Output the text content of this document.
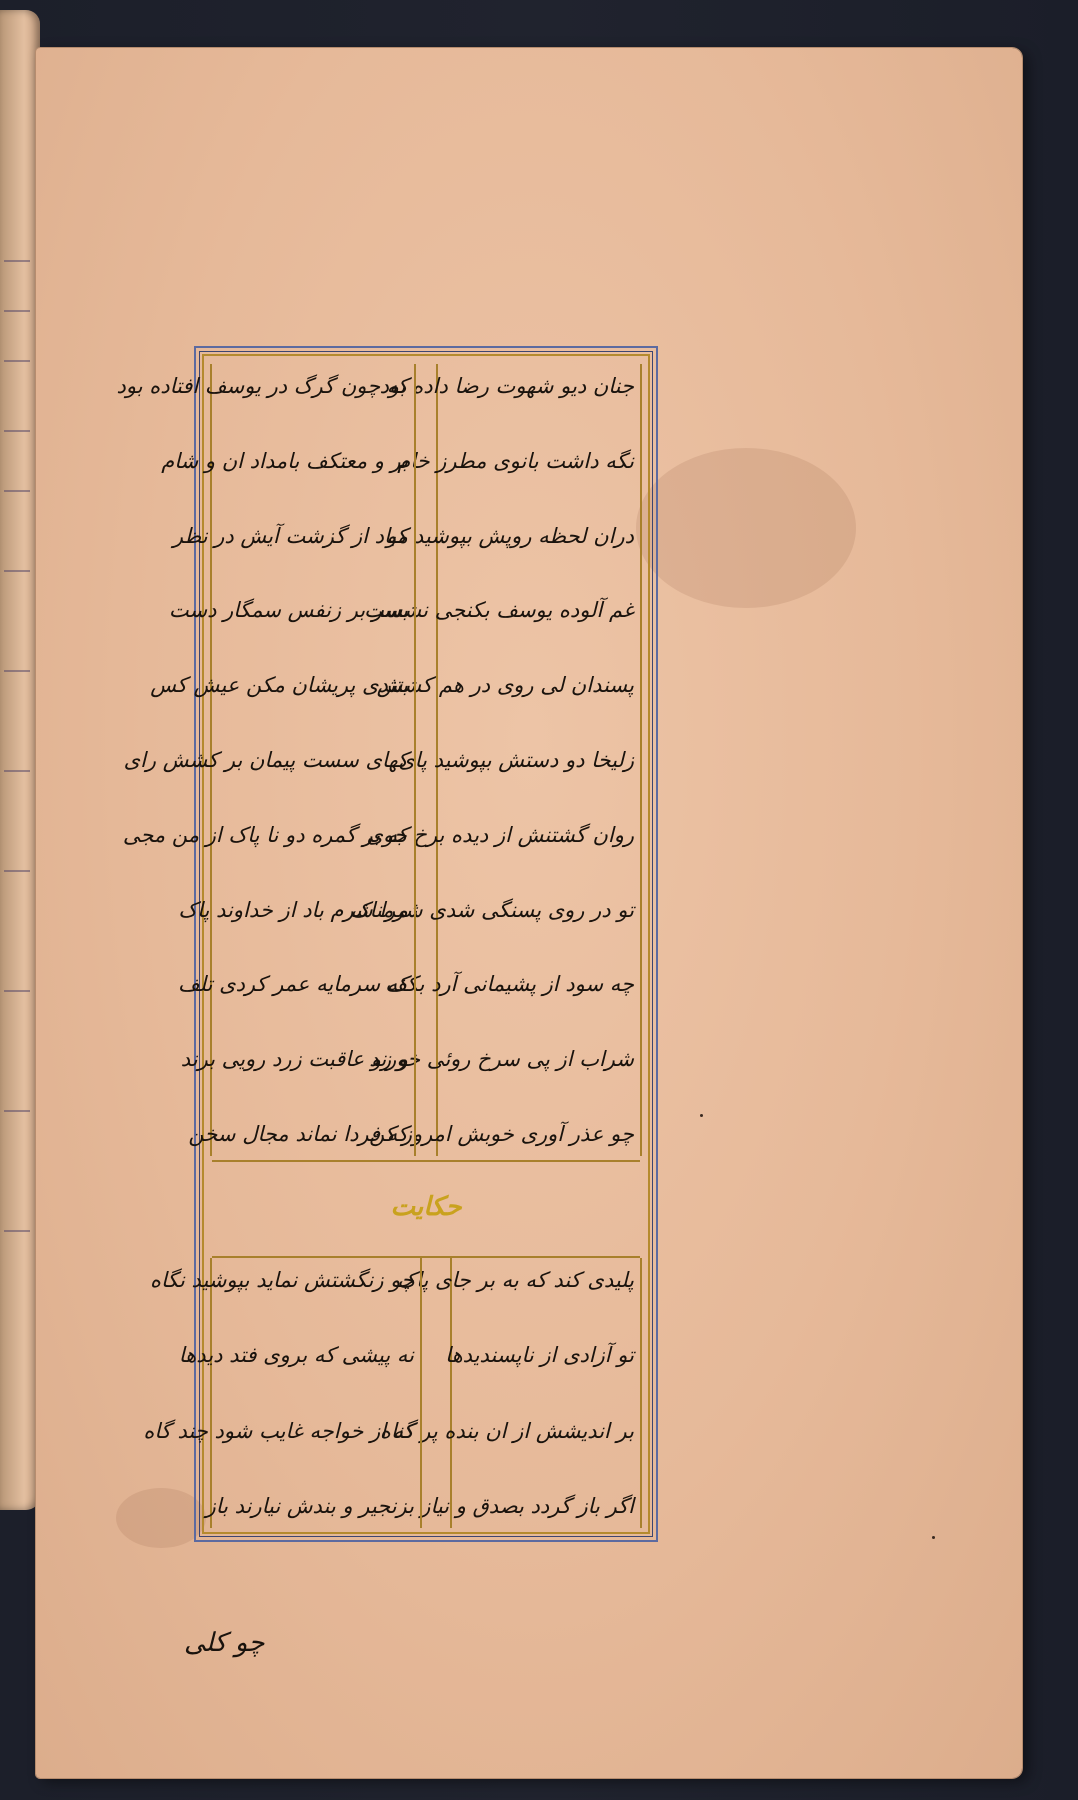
جنان دیو شهوت رضا داده بود
نگه داشت بانوی مطرز خام
دران لحظه روپش بپوشید کو
غم آلوده یوسف بکنجی نشست
پسندان لی روی در هم کشش
زلیخا دو دستش بپوشید پای
روان گشتنش از دیده برخ جوی
تو در روی پسنگی شدی شرمناک
چه سود از پشیمانی آرد بکف
شراب از پی سرخ روئی خورند
چو عذر آوری خوبش امروز کن
که چون گرگ در یوسف افتاده بود
بر و معتکف بامداد ان و شام
مباد از گزشت آیش در نظر
بسر بر زنفس سمگار دست
بتندی پریشان مکن عیش کس
کهای سست پیمان بر کشش رای
که بر گمره دو نا پاک از من مجی
مرا شرم باد از خداوند پاک
که سرمایه عمر کردی تلف
و زو عاقبت زرد رویی برند
که فردا نماند مجال سخن
حکایت
پلیدی کند که به بر جای پاک
تو آزادی از ناپسندیدها
بر اندیشش از ان بنده پر گناه
اگر باز گردد بصدق و نیاز
چو زنگشتش نماید بپوشید نگاه
نه پیشی که بروی فتد دیدها
که از خواجه غایب شود چند گاه
بزنجیر و بندش نیارند باز
چو کلی
